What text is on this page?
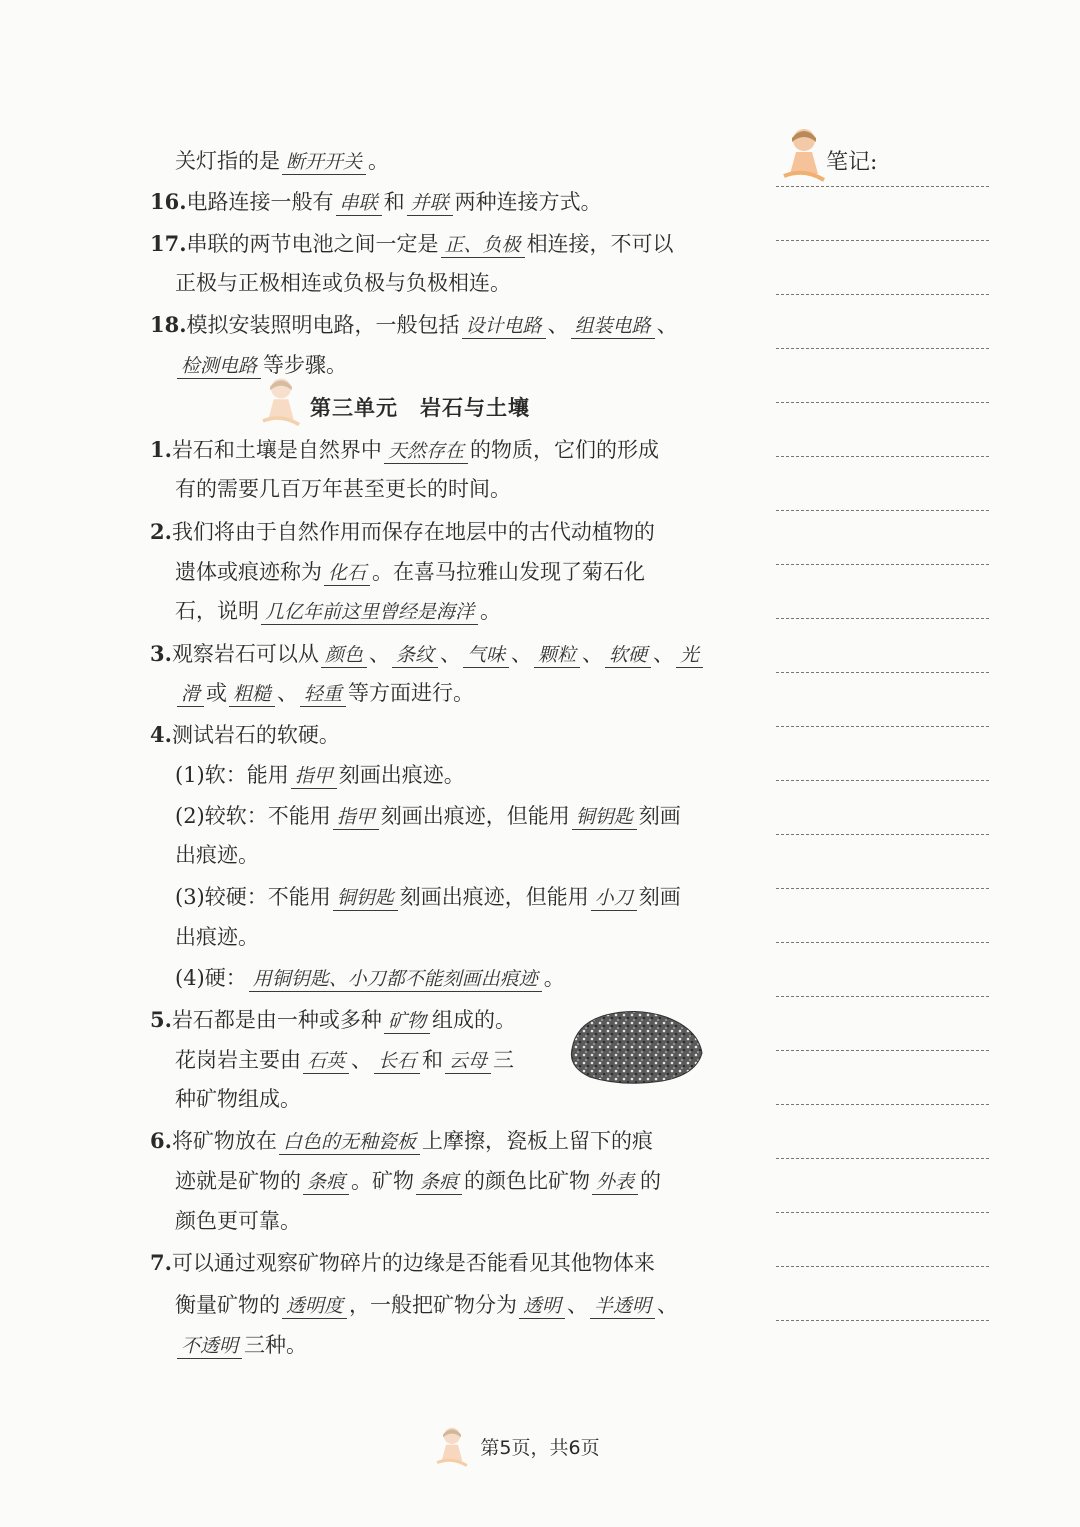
笔记:
关灯指的是 断开开关 。
16.电路连接一般有 串联 和 并联 两种连接方式。
17.串联的两节电池之间一定是 正、负极 相连接，不可以
正极与正极相连或负极与负极相连。
18.模拟安装照明电路，一般包括 设计电路 、 组装电路 、
检测电路 等步骤。
第三单元　岩石与土壤
1.岩石和土壤是自然界中 天然存在 的物质，它们的形成
有的需要几百万年甚至更长的时间。
2.我们将由于自然作用而保存在地层中的古代动植物的
遗体或痕迹称为 化石 。在喜马拉雅山发现了菊石化
石，说明 几亿年前这里曾经是海洋 。
3.观察岩石可以从 颜色 、 条纹 、 气味 、 颗粒 、 软硬 、 光
滑 或 粗糙 、 轻重 等方面进行。
4.测试岩石的软硬。
(1)软：能用 指甲 刻画出痕迹。
(2)较软：不能用 指甲 刻画出痕迹，但能用 铜钥匙 刻画
出痕迹。
(3)较硬：不能用 铜钥匙 刻画出痕迹，但能用 小刀 刻画
出痕迹。
(4)硬： 用铜钥匙、小刀都不能刻画出痕迹 。
5.岩石都是由一种或多种 矿物 组成的。
花岗岩主要由 石英 、 长石 和 云母 三
种矿物组成。
6.将矿物放在 白色的无釉瓷板 上摩擦，瓷板上留下的痕
迹就是矿物的 条痕 。矿物 条痕 的颜色比矿物 外表 的
颜色更可靠。
7.可以通过观察矿物碎片的边缘是否能看见其他物体来
衡量矿物的 透明度 ，一般把矿物分为 透明 、 半透明 、
不透明 三种。
第5页，共6页
